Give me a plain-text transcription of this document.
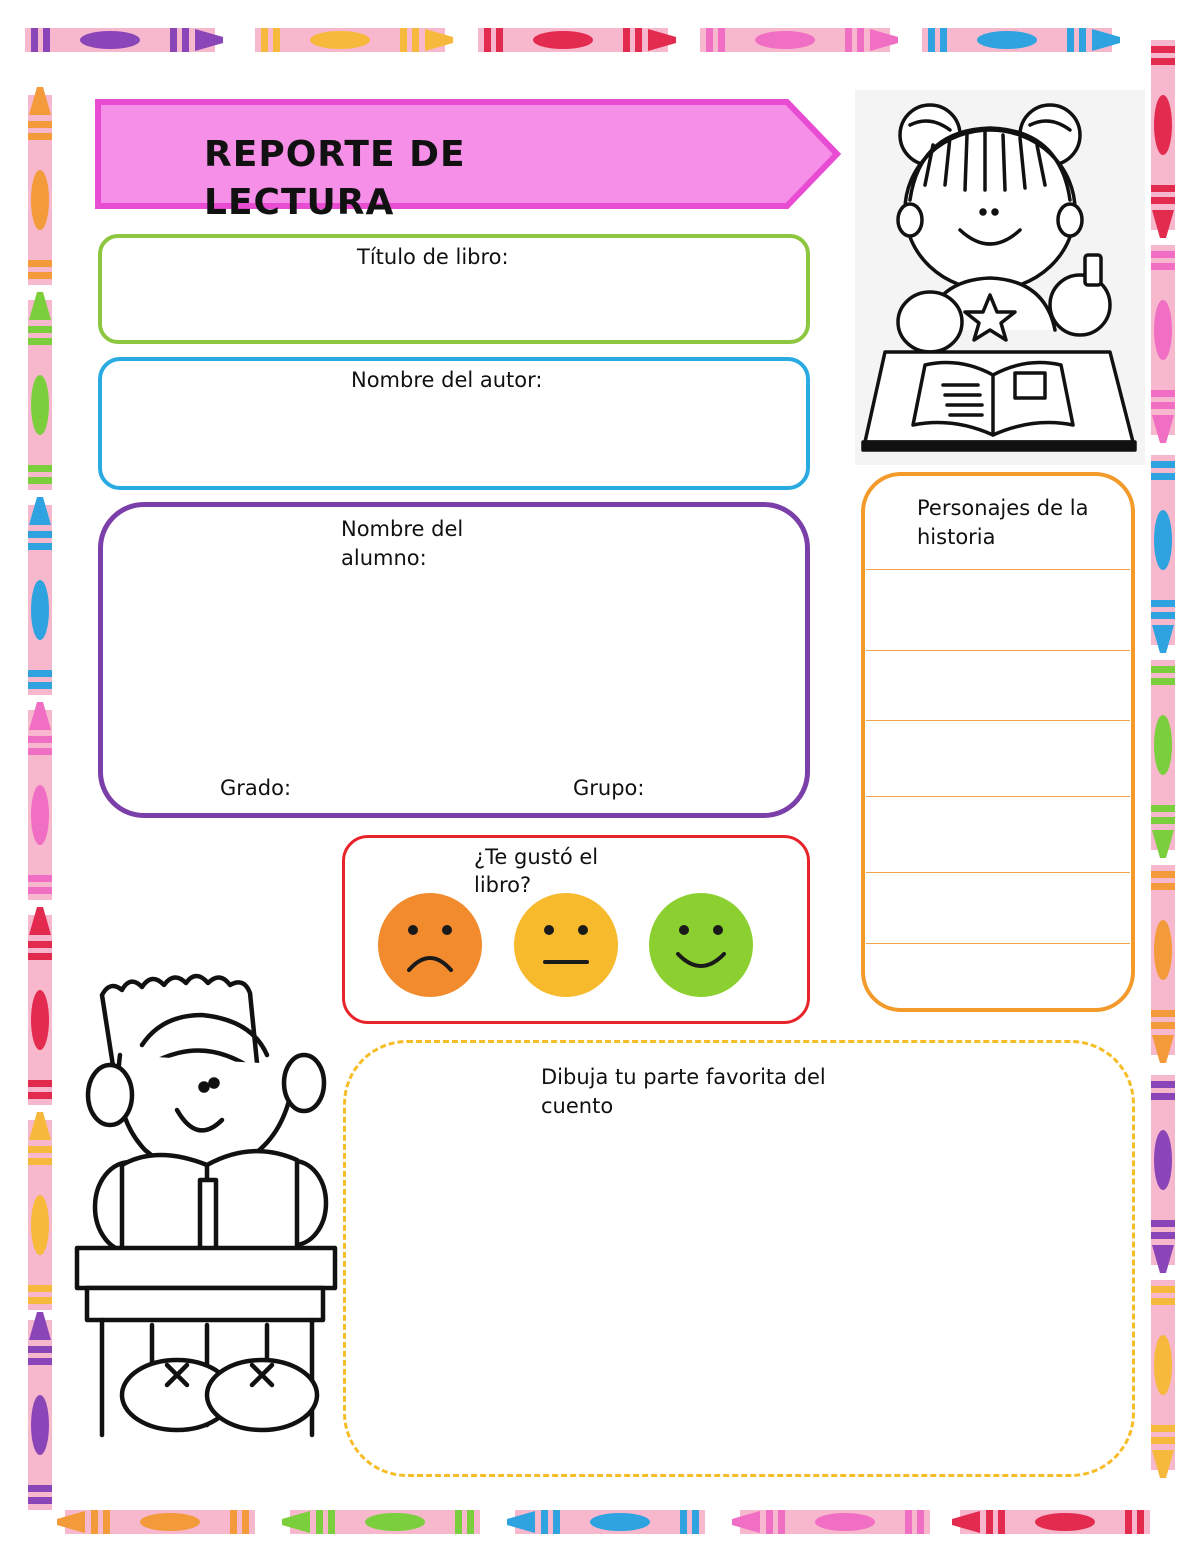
REPORTE DE LECTURA
Título de libro:
Nombre del autor:
Nombre del alumno:
Grado:	Grupo:
¿Te gustó el libro?
Personajes de la historia
Dibuja tu parte favorita del cuento
